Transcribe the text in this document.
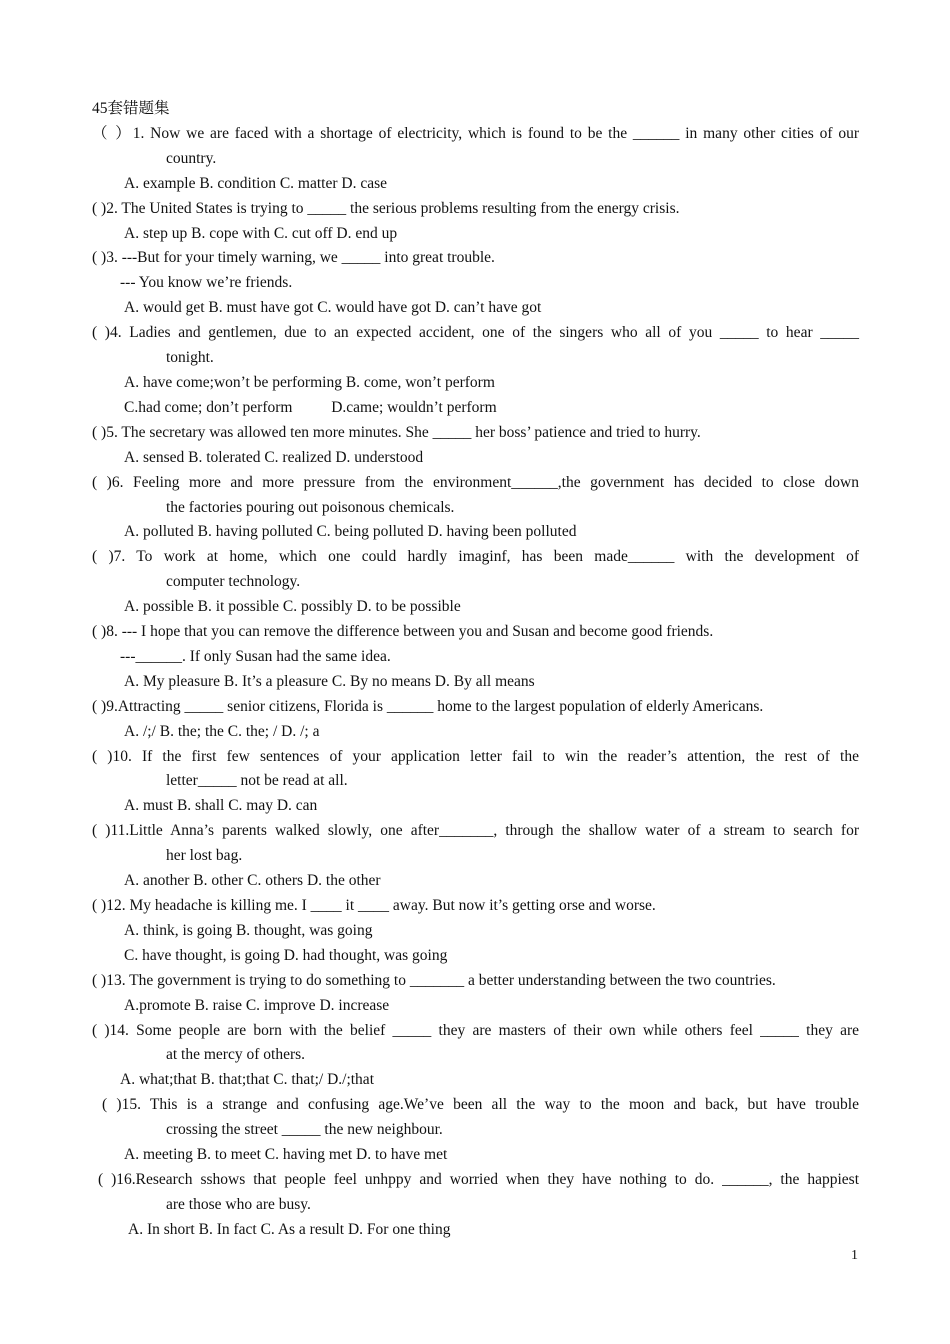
45套错题集
（ ）1. Now we are faced with a shortage of electricity, which is found to be the ______ in many other cities of our
country.
A. example B. condition C. matter D. case
( )2. The United States is trying to _____ the serious problems resulting from the energy crisis.
A. step up B. cope with C. cut off D. end up
( )3. ---But for your timely warning, we _____ into great trouble.
--- You know we’re friends.
A. would get B. must have got C. would have got D. can’t have got
( )4. Ladies and gentlemen, due to an expected accident, one of the singers who all of you _____ to hear _____
tonight.
A. have come;won’t be performing B. come, won’t perform
C.had come; don’t perform          D.came; wouldn’t perform
( )5. The secretary was allowed ten more minutes. She _____ her boss’ patience and tried to hurry.
A. sensed B. tolerated C. realized D. understood
( )6. Feeling more and more pressure from the environment______,the government has decided to close down
the factories pouring out poisonous chemicals.
A. polluted B. having polluted C. being polluted D. having been polluted
( )7. To work at home, which one could hardly imaginf, has been made______ with the development of
computer technology.
A. possible B. it possible C. possibly D. to be possible
( )8. --- I hope that you can remove the difference between you and Susan and become good friends.
---______. If only Susan had the same idea.
A. My pleasure B. It’s a pleasure C. By no means D. By all means
( )9.Attracting _____ senior citizens, Florida is ______ home to the largest population of elderly Americans.
A. /;/ B. the; the C. the; / D. /; a
( )10. If the first few sentences of your application letter fail to win the reader’s attention, the rest of the
letter_____ not be read at all.
A. must B. shall C. may D. can
( )11.Little Anna’s parents walked slowly, one after_______, through the shallow water of a stream to search for
her lost bag.
A. another B. other C. others D. the other
( )12. My headache is killing me. I ____ it ____ away. But now it’s getting orse and worse.
A. think, is going B. thought, was going
C. have thought, is going D. had thought, was going
( )13. The government is trying to do something to _______ a better understanding between the two countries.
A.promote B. raise C. improve D. increase
( )14. Some people are born with the belief _____ they are masters of their own while others feel _____ they are
at the mercy of others.
A. what;that B. that;that C. that;/ D./;that
( )15. This is a strange and confusing age.We’ve been all the way to the moon and back, but have trouble
crossing the street _____ the new neighbour.
A. meeting B. to meet C. having met D. to have met
( )16.Research sshows that people feel unhppy and worried when they have nothing to do. ______, the happiest
are those who are busy.
A. In short B. In fact C. As a result D. For one thing
1
